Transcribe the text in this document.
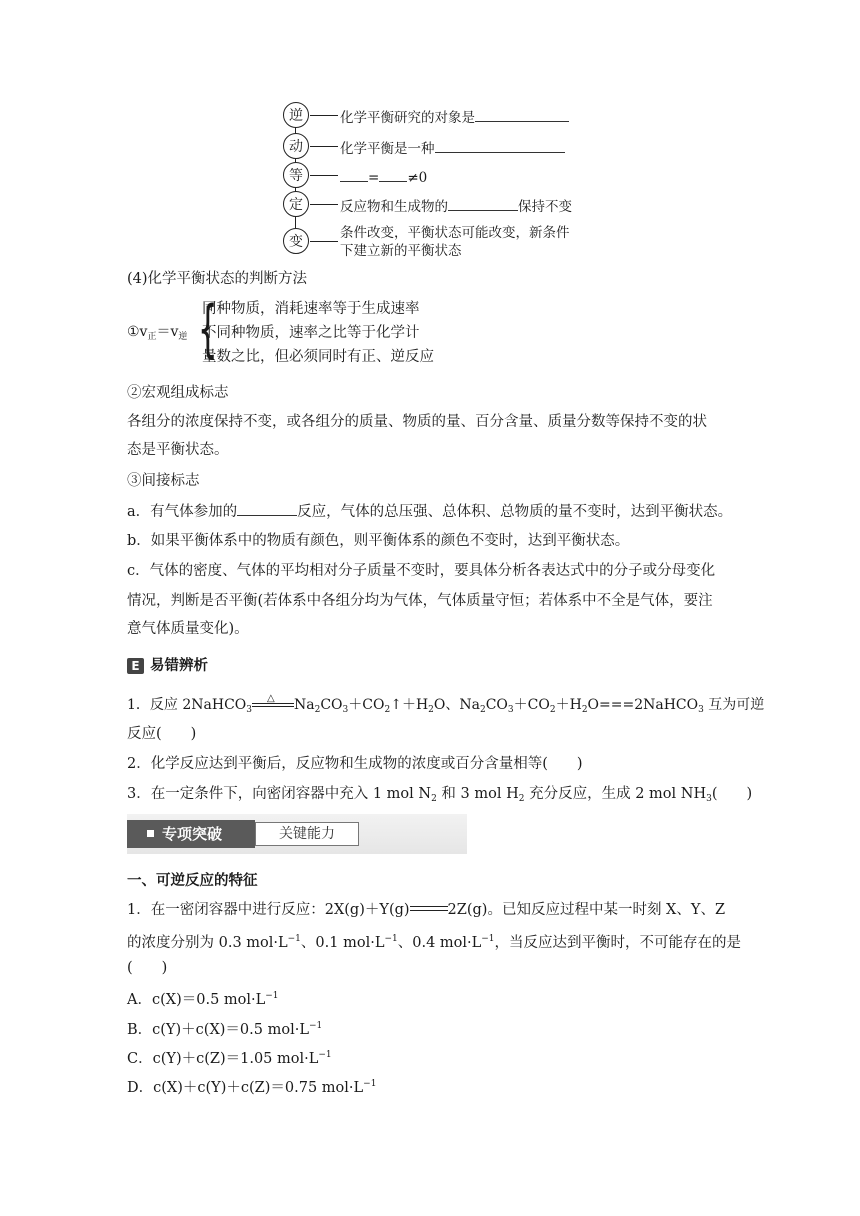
逆	化学平衡研究的对象是
动	化学平衡是一种
等	= ≠0
定	反应物和生成物的	保持不变
变
条件改变，平衡状态可能改变，新条件
下建立新的平衡状态
(4)化学平衡状态的判断方法
$①v_正=v_逆$ {
同种物质，消耗速率等于生成速率
不同种物质，速率之比等于化学计
量数之比，但必须同时有正、逆反应
②宏观组成标志
各组分的浓度保持不变，或各组分的质量、物质的量、百分含量、质量分数等保持不变的状
态是平衡状态。
③间接标志
a．有气体参加的	反应，气体的总压强、总体积、总物质的量不变时，达到平衡状态。
b．如果平衡体系中的物质有颜色，则平衡体系的颜色不变时，达到平衡状态。
c．气体的密度、气体的平均相对分子质量不变时，要具体分析各表达式中的分子或分母变化
情况，判断是否平衡(若体系中各组分均为气体，气体质量守恒；若体系中不全是气体，要注
意气体质量变化)。
E 易错辨析
1．反应 2NaHCO$_3$
△ $Na_2CO_3+CO_2↑+H_2O$、$Na_2CO_3+CO_2+H_2O===2NaHCO_3$ 互为可逆
反应(　　)
2．化学反应达到平衡后，反应物和生成物的浓度或百分含量相等(　　)
3．在一定条件下，向密闭容器中充入 1 mol $N_2$ 和 3 mol $H_2$ 充分反应，生成 2 mol $NH_3$(　　)
专项突破	关键能力
一、可逆反应的特征
1．在一密闭容器中进行反应：2X(g)＋Y(g)	2Z(g)。已知反应过程中某一时刻 X、Y、Z
的浓度分别为 0.3 $mol\cdot L^{-1}$、0.1 $mol\cdot L^{-1}$、0.4 $mol\cdot L^{-1}$，当反应达到平衡时，不可能存在的是
(　　)
A．c(X)＝0.5 $mol\cdot L^{-1}$
B．c(Y)＋c(X)＝0.5 $mol\cdot L^{-1}$
C．c(Y)＋c(Z)＝1.05 $mol\cdot L^{-1}$
D．c(X)＋c(Y)＋c(Z)＝0.75 $mol\cdot L^{-1}$
